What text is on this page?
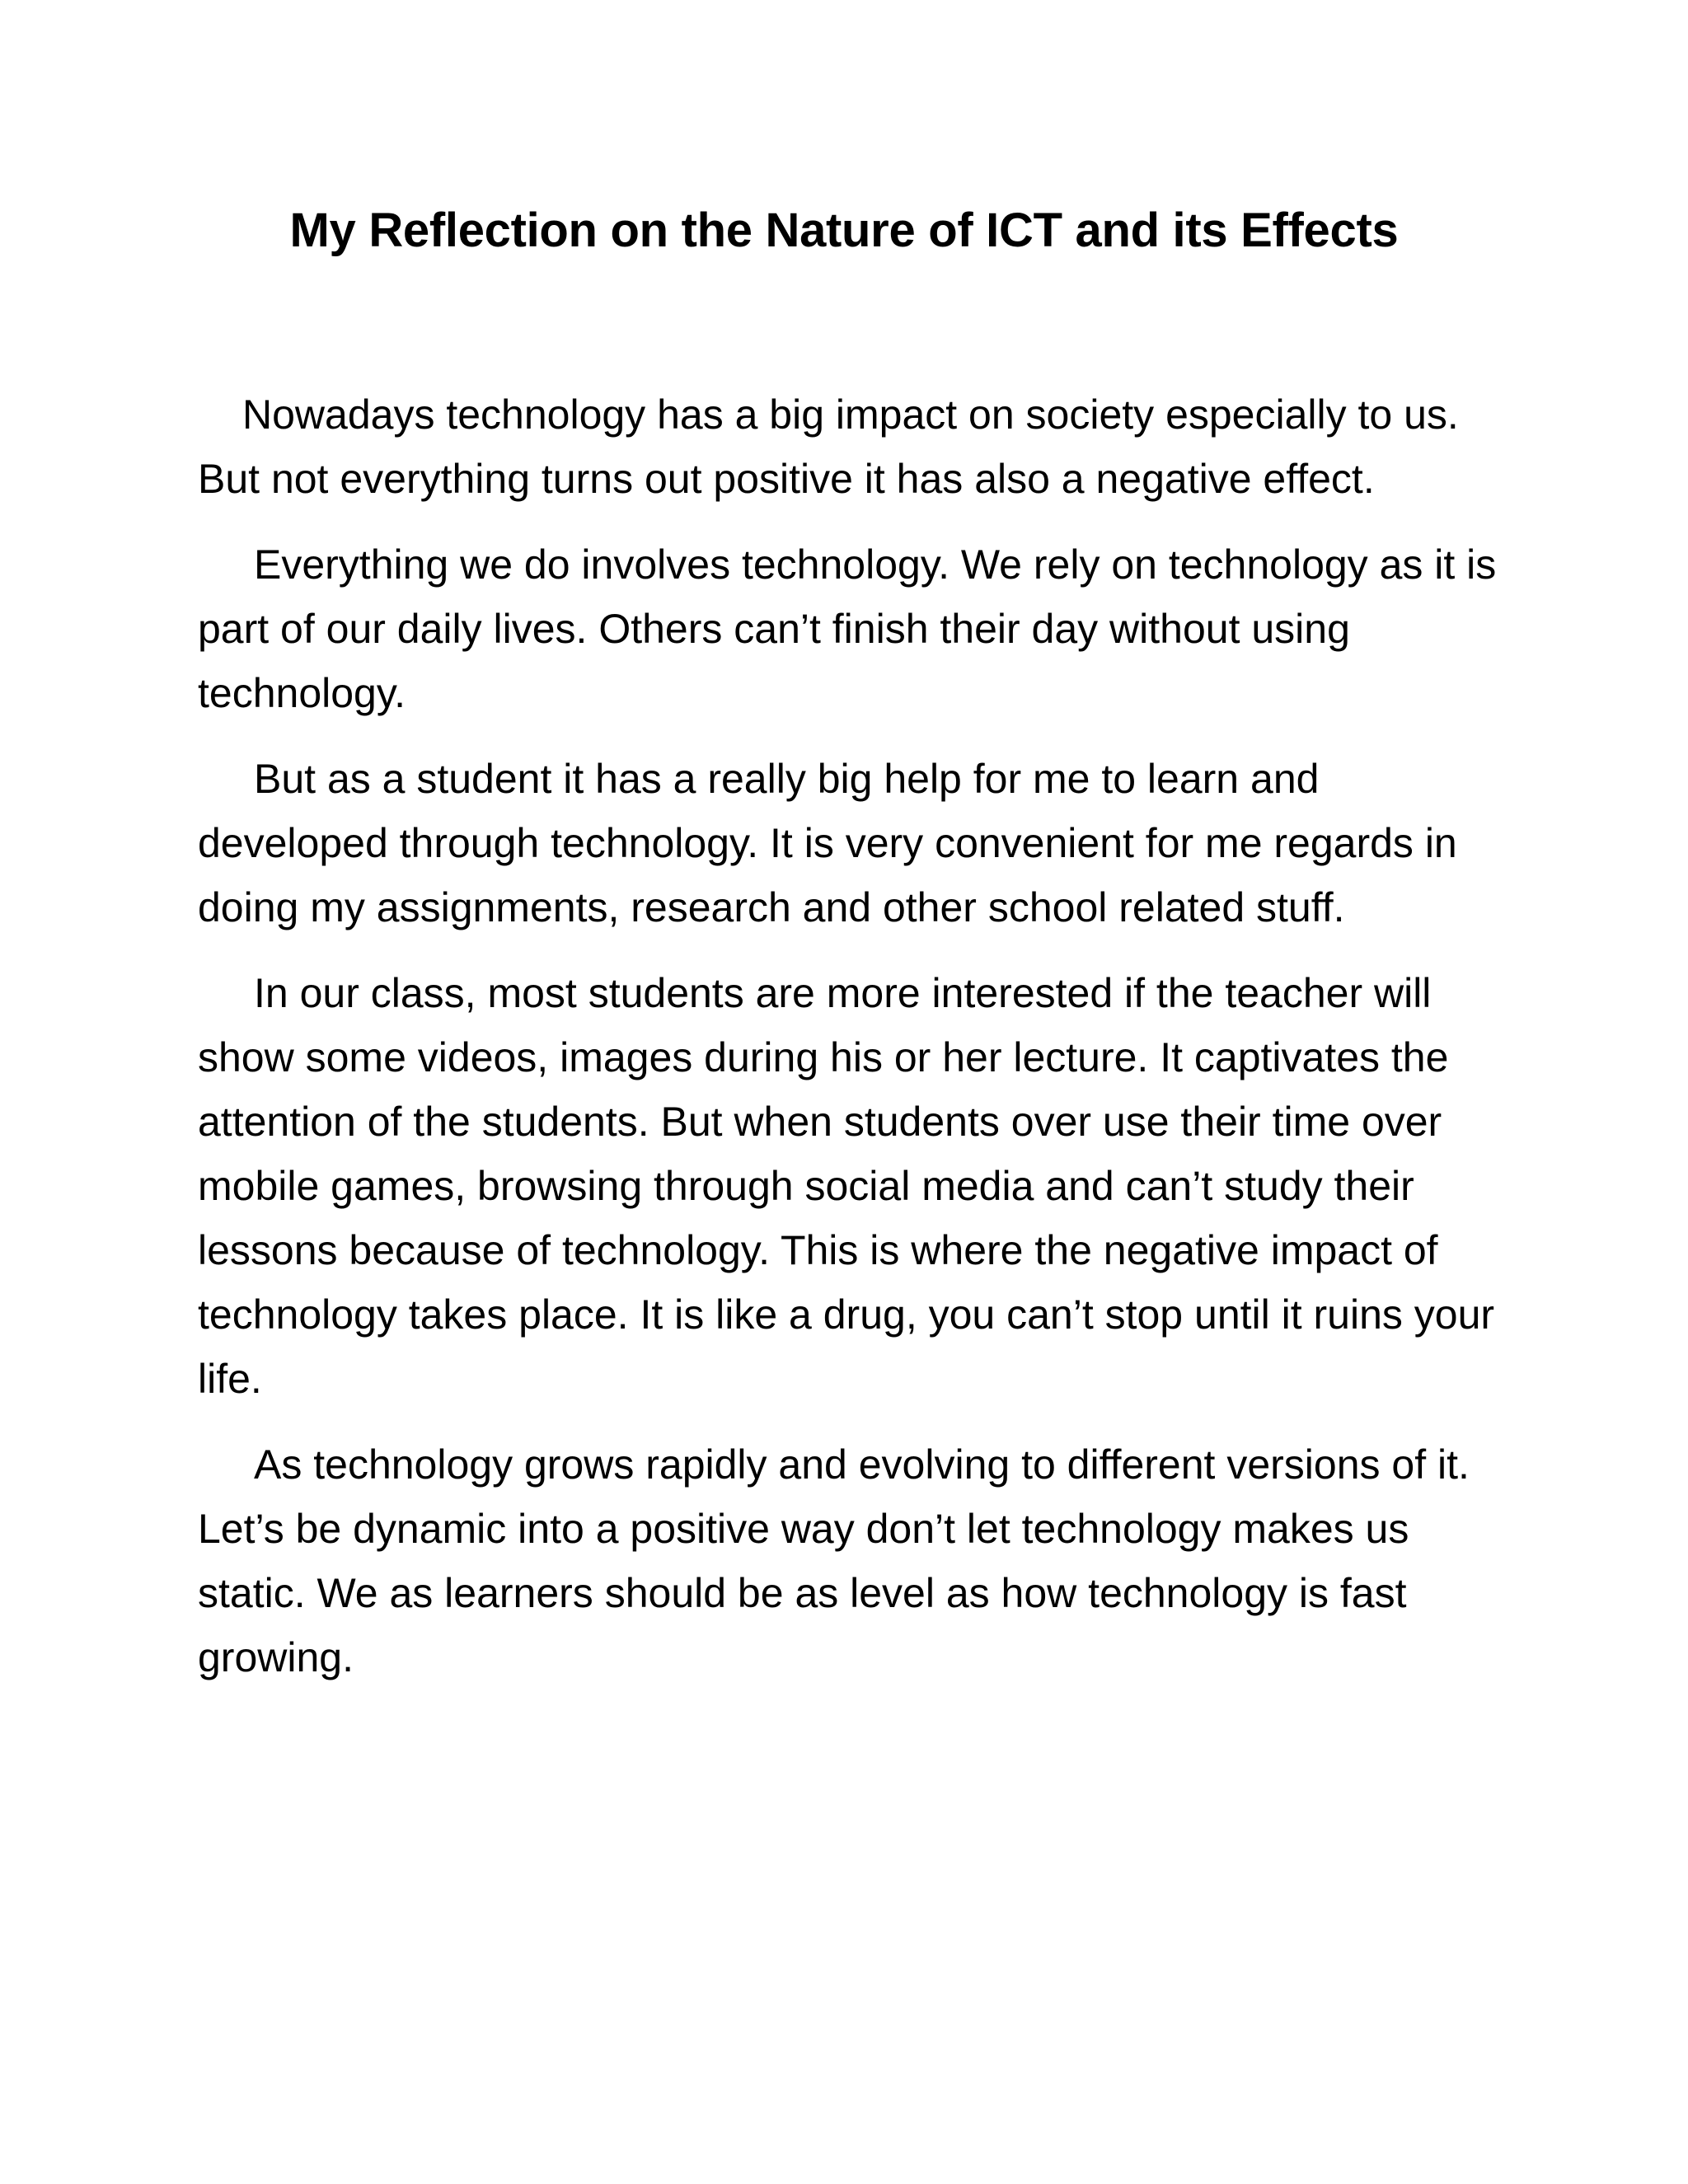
My Reflection on the Nature of ICT and its Effects

Nowadays technology has a big impact on society especially to us. But not everything turns out positive it has also a negative effect.

Everything we do involves technology. We rely on technology as it is part of our daily lives. Others can’t finish their day without using technology.

But as a student it has a really big help for me to learn and developed through technology. It is very convenient for me regards in doing my assignments, research and other school related stuff.

In our class, most students are more interested if the teacher will show some videos, images during his or her lecture. It captivates the attention of the students. But when students over use their time over mobile games, browsing through social media and can’t study their lessons because of technology. This is where the negative impact of technology takes place. It is like a drug, you can’t stop until it ruins your life.

As technology grows rapidly and evolving to different versions of it. Let’s be dynamic into a positive way don’t let technology makes us static. We as learners should be as level as how technology is fast growing.
